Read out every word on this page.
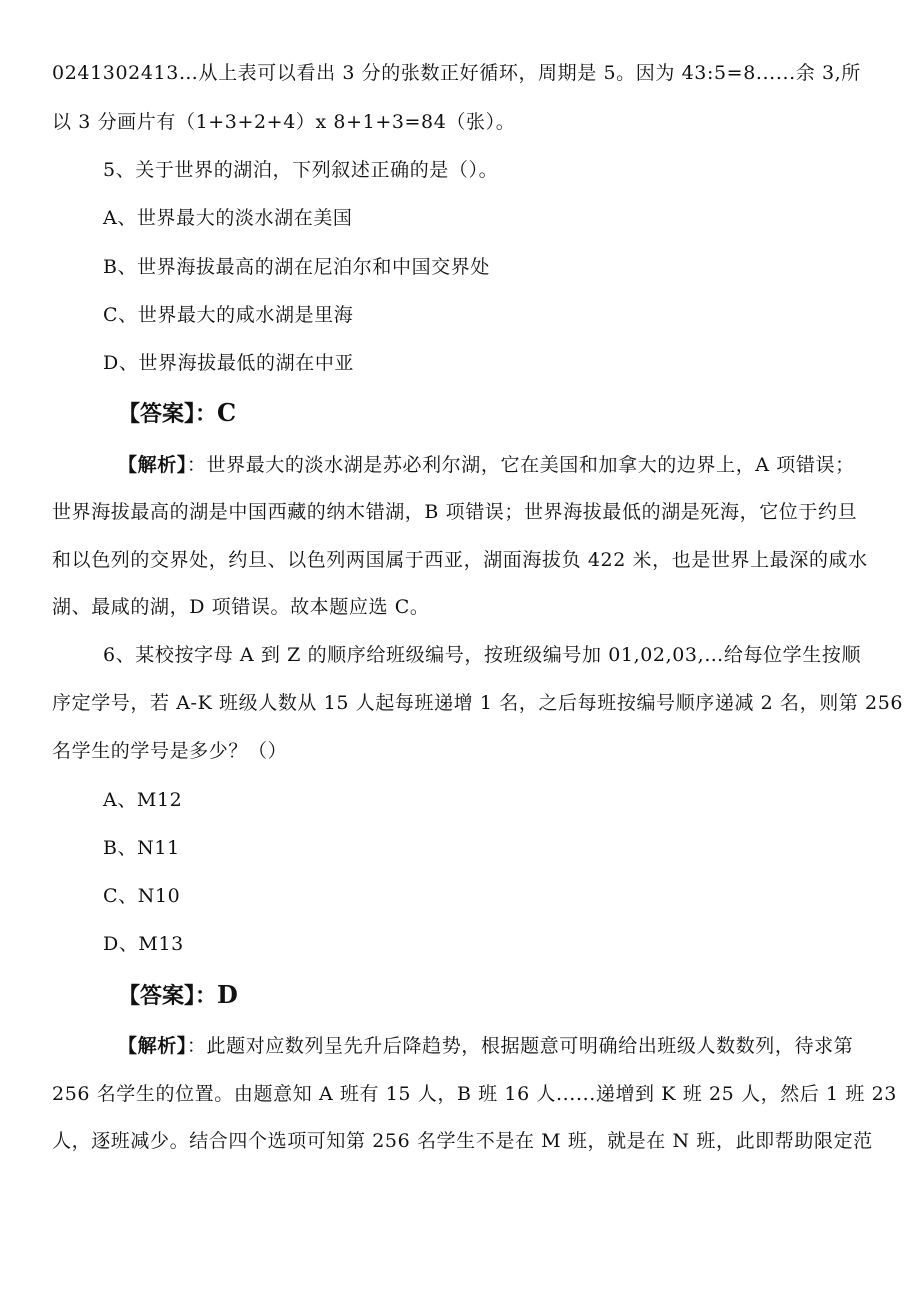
0241302413…从上表可以看出 3 分的张数正好循环，周期是 5。因为 43:5=8......余 3,所
以 3 分画片有（1+3+2+4）x 8+1+3=84（张）。
5、关于世界的湖泊，下列叙述正确的是（）。
A、世界最大的淡水湖在美国
B、世界海拔最高的湖在尼泊尔和中国交界处
C、世界最大的咸水湖是里海
D、世界海拔最低的湖在中亚
【答案】：C
【解析】：世界最大的淡水湖是苏必利尔湖，它在美国和加拿大的边界上，A 项错误；
世界海拔最高的湖是中国西藏的纳木错湖，B 项错误；世界海拔最低的湖是死海，它位于约旦
和以色列的交界处，约旦、以色列两国属于西亚，湖面海拔负 422 米，也是世界上最深的咸水
湖、最咸的湖，D 项错误。故本题应选 C。
6、某校按字母 A 到 Z 的顺序给班级编号，按班级编号加 01,02,03,…给每位学生按顺
序定学号，若 A-K 班级人数从 15 人起每班递增 1 名，之后每班按编号顺序递减 2 名，则第 256
名学生的学号是多少？（）
A、M12
B、N11
C、N10
D、M13
【答案】：D
【解析】：此题对应数列呈先升后降趋势，根据题意可明确给出班级人数数列，待求第
256 名学生的位置。由题意知 A 班有 15 人，B 班 16 人......递增到 K 班 25 人，然后 1 班 23
人，逐班减少。结合四个选项可知第 256 名学生不是在 M 班，就是在 N 班，此即帮助限定范
